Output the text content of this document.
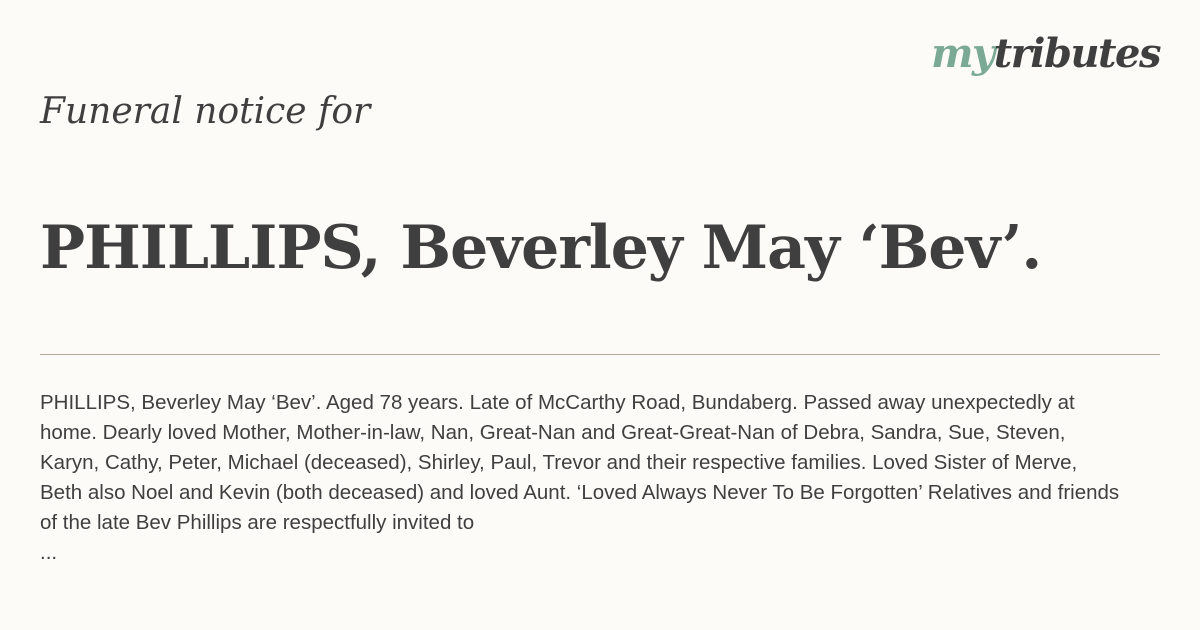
mytributes
Funeral notice for
PHILLIPS, Beverley May ‘Bev’.

PHILLIPS, Beverley May ‘Bev’. Aged 78 years. Late of McCarthy Road, Bundaberg. Passed away unexpectedly at home. Dearly loved Mother, Mother-in-law, Nan, Great-Nan and Great-Great-Nan of Debra, Sandra, Sue, Steven, Karyn, Cathy, Peter, Michael (deceased), Shirley, Paul, Trevor and their respective families. Loved Sister of Merve, Beth also Noel and Kevin (both deceased) and loved Aunt. ‘Loved Always Never To Be Forgotten’ Relatives and friends of the late Bev Phillips are respectfully invited to

...
